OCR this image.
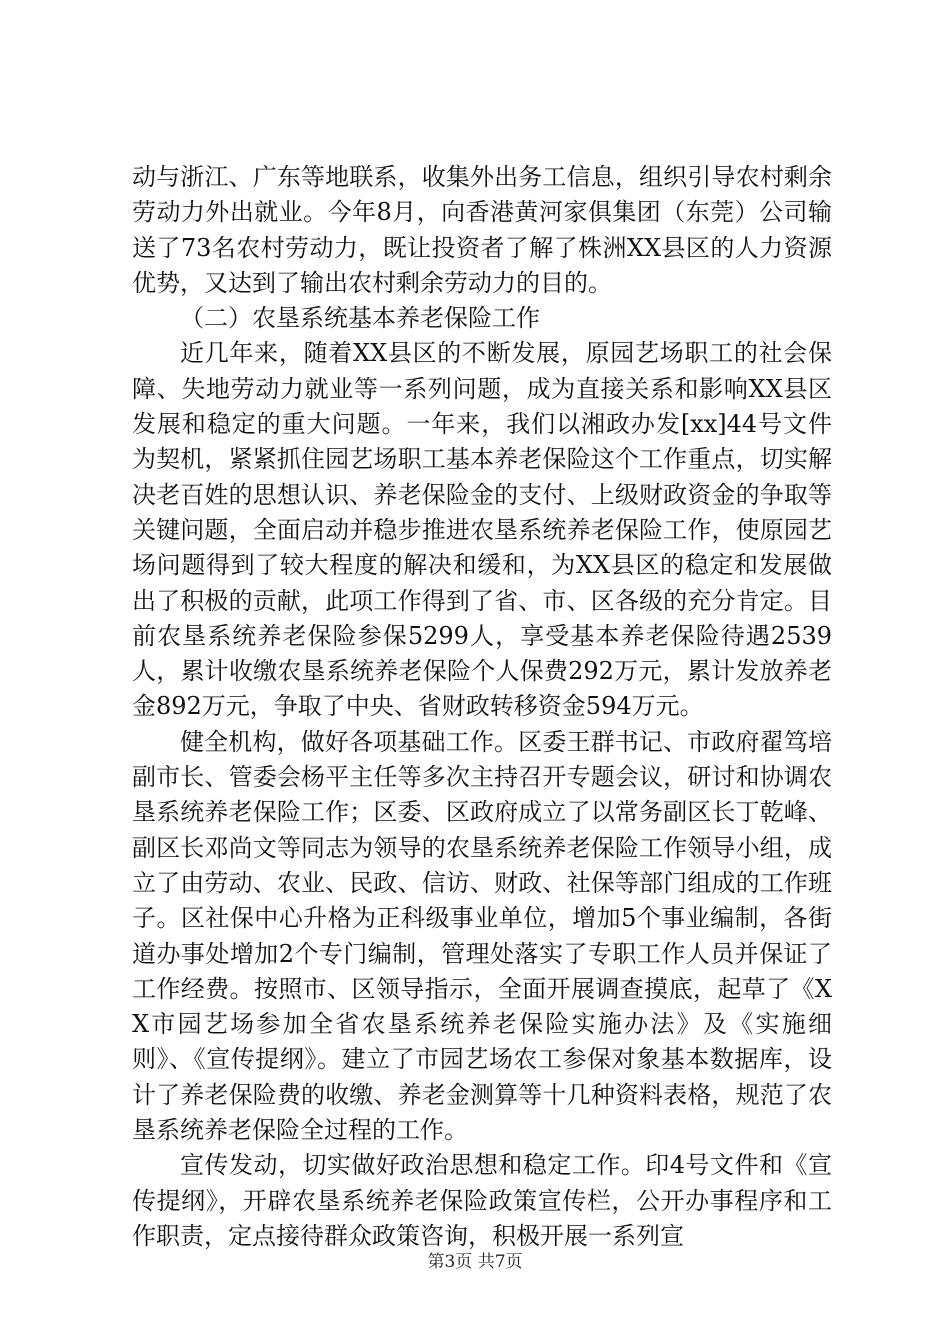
动与浙江、广东等地联系，收集外出务工信息，组织引导农村剩余劳动力外出就业。今年8月，向香港黄河家俱集团（东莞）公司输送了73名农村劳动力，既让投资者了解了株洲XX县区的人力资源优势，又达到了输出农村剩余劳动力的目的。

（二）农垦系统基本养老保险工作

近几年来，随着XX县区的不断发展，原园艺场职工的社会保障、失地劳动力就业等一系列问题，成为直接关系和影响XX县区发展和稳定的重大问题。一年来，我们以湘政办发[xx]44号文件为契机，紧紧抓住园艺场职工基本养老保险这个工作重点，切实解决老百姓的思想认识、养老保险金的支付、上级财政资金的争取等关键问题，全面启动并稳步推进农垦系统养老保险工作，使原园艺场问题得到了较大程度的解决和缓和，为XX县区的稳定和发展做出了积极的贡献，此项工作得到了省、市、区各级的充分肯定。目前农垦系统养老保险参保5299人，享受基本养老保险待遇2539人，累计收缴农垦系统养老保险个人保费292万元，累计发放养老金892万元，争取了中央、省财政转移资金594万元。

健全机构，做好各项基础工作。区委王群书记、市政府翟笃培副市长、管委会杨平主任等多次主持召开专题会议，研讨和协调农垦系统养老保险工作；区委、区政府成立了以常务副区长丁乾峰、副区长邓尚文等同志为领导的农垦系统养老保险工作领导小组，成立了由劳动、农业、民政、信访、财政、社保等部门组成的工作班子。区社保中心升格为正科级事业单位，增加5个事业编制，各街道办事处增加2个专门编制，管理处落实了专职工作人员并保证了工作经费。按照市、区领导指示，全面开展调查摸底，起草了《XX市园艺场参加全省农垦系统养老保险实施办法》及《实施细则》、《宣传提纲》。建立了市园艺场农工参保对象基本数据库，设计了养老保险费的收缴、养老金测算等十几种资料表格，规范了农垦系统养老保险全过程的工作。

宣传发动，切实做好政治思想和稳定工作。印4号文件和《宣传提纲》，开辟农垦系统养老保险政策宣传栏，公开办事程序和工作职责，定点接待群众政策咨询，积极开展一系列宣

第3页 共7页
